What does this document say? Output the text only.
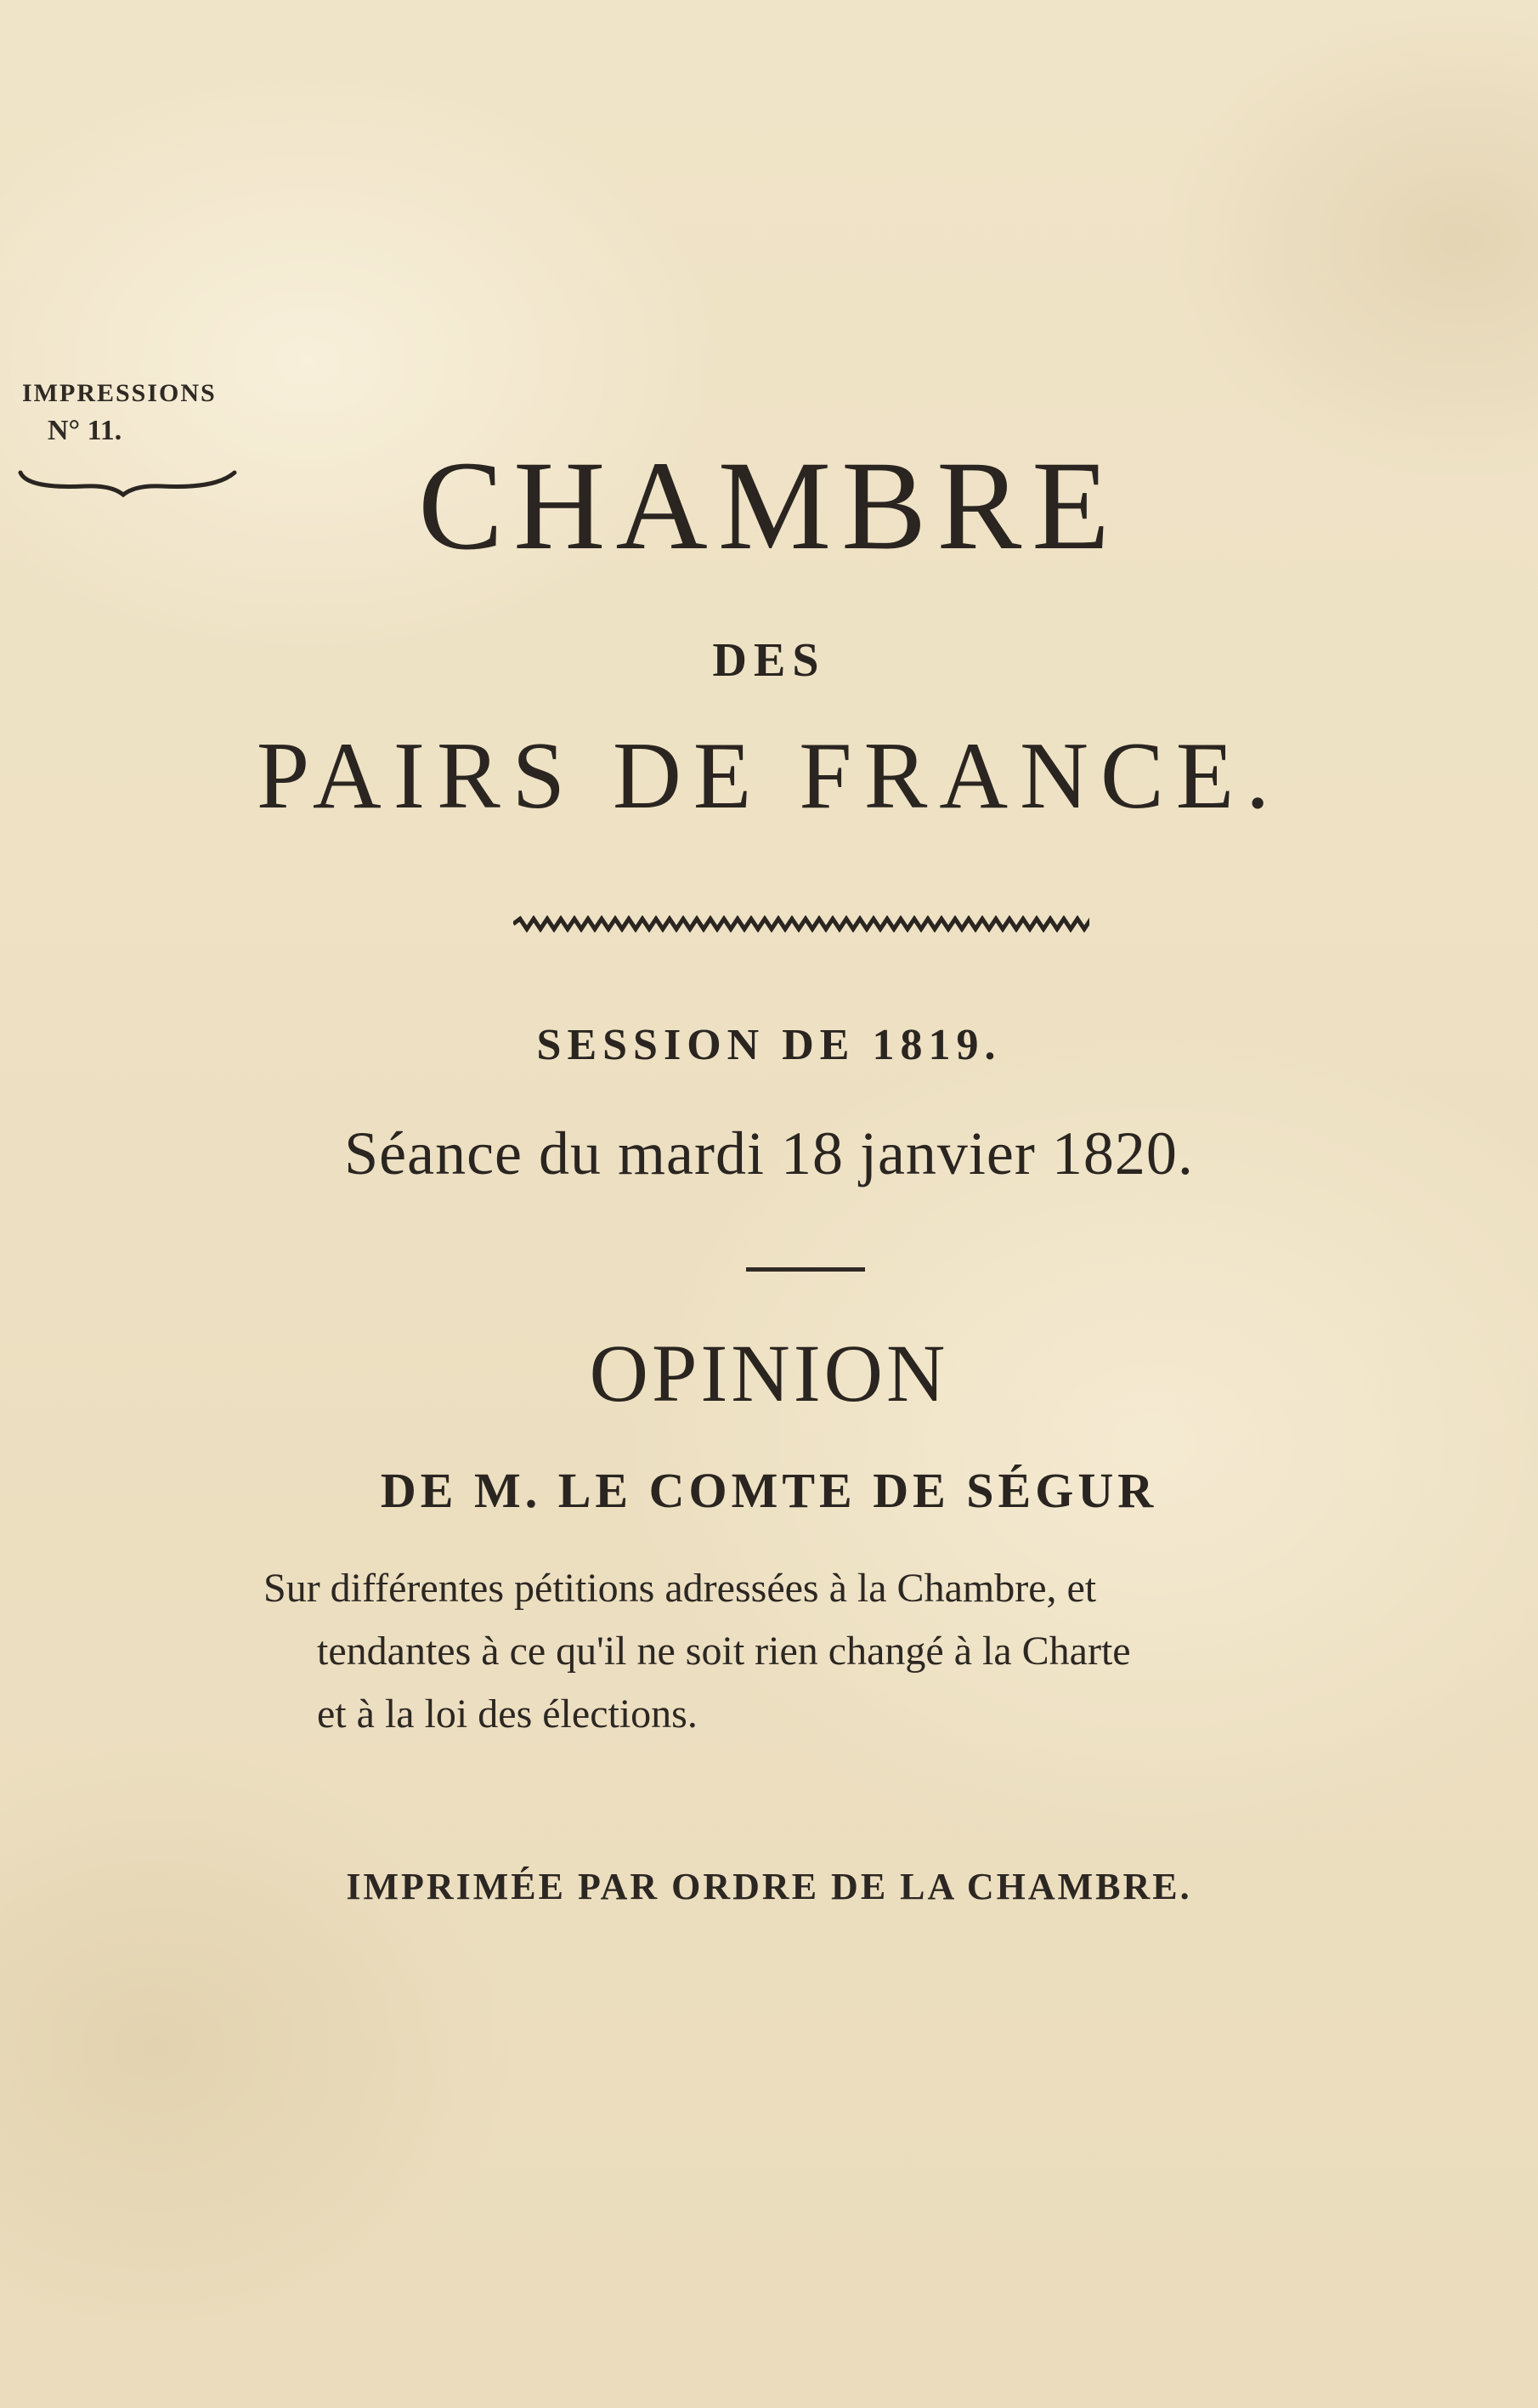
IMPRESSIONS
N° 11.
CHAMBRE
DES
PAIRS DE FRANCE.
SESSION DE 1819.
Séance du mardi 18 janvier 1820.
OPINION
DE M. LE COMTE DE SÉGUR
Sur différentes pétitions adressées à la Chambre, et
tendantes à ce qu'il ne soit rien changé à la Charte
et à la loi des élections.
IMPRIMÉE PAR ORDRE DE LA CHAMBRE.
